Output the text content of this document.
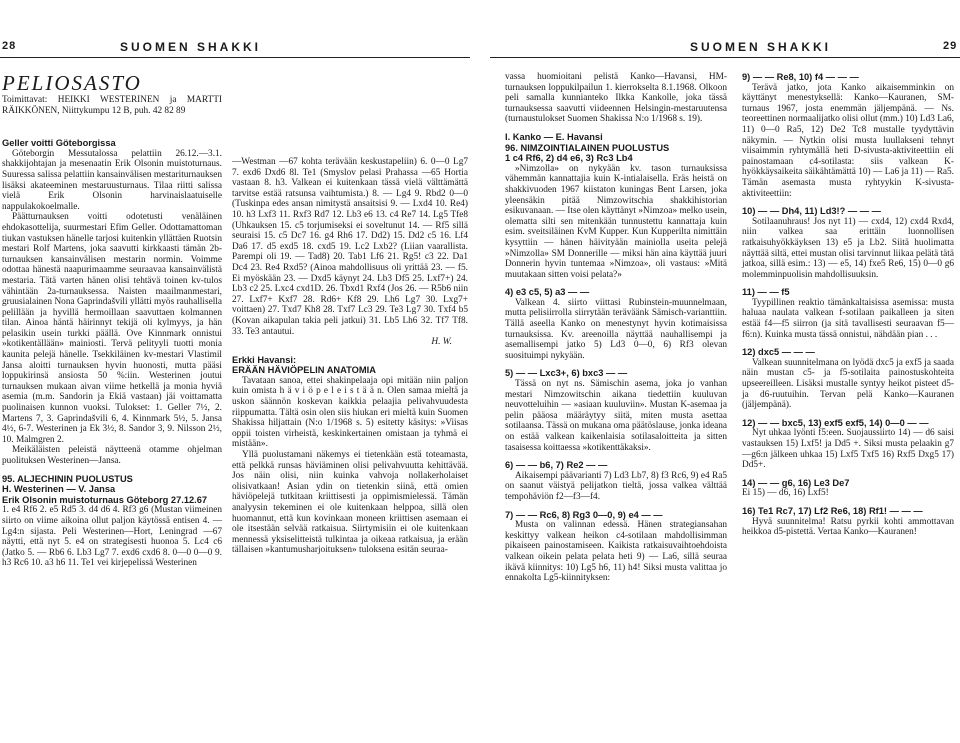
28	SUOMEN SHAKKI
PELIOSASTO
Toimittavat: HEIKKI WESTERINEN ja MARTTI RÄIKKÖNEN, Niittykumpu 12 B, puh. 42 82 89

Geller voitti Göteborgissa

Göteborgin Messutalossa pelattiin 26.12.—3.1. shakkijohtajan ja mesenaatin Erik Olsonin muistoturnaus. Suuressa salissa pelattiin kansainvälisen mestariturnauksen lisäksi akateeminen mestaruusturnaus. Tilaa riitti salissa vielä Erik Olsonin harvinaislaatuiselle nappulakokoelmalle.

Päätturnauksen voitti odotetusti venäläinen ehdokasottelija, suurmestari Efim Geller. Odottamattoman tiukan vastuksen hänelle tarjosi kuitenkin yllättäen Ruotsin mestari Rolf Martens, joka saavutti kirkkaasti tämän 2b-turnauksen kansainvälisen mestarin normin. Voimme odottaa hänestä naapurimaamme seuraavaa kansainvälistä mestaria. Tätä varten hänen olisi tehtävä toinen kv-tulos vähintään 2a-turnauksessa. Naisten maailmanmestari, gruusialainen Nona Gaprindašvili yllätti myös rauhallisella pelillään ja hyvillä hermoillaan saavuttaen kolmannen tilan. Ainoa häntä häirinnyt tekijä oli kylmyys, ja hän pelasikin usein turkki päällä. Ove Kinnmark onnistui »kotikentällään» mainiosti. Tervä pelityyli tuotti monia kaunita pelejä hänelle. Tsekkiläinen kv-mestari Vlastimil Jansa aloitti turnauksen hyvin huonosti, mutta pääsi loppukirinsä ansiosta 50 %:iin. Westerinen joutui turnauksen mukaan aivan viime hetkellä ja monia hyviä asemia (m.m. Sandorin ja Ekiä vastaan) jäi voittamatta puolinaisen kunnon vuoksi. Tulokset: 1. Geller 7½, 2. Martens 7, 3. Gaprindašvili 6, 4. Kinnmark 5½, 5. Jansa 4½, 6-7. Westerinen ja Ek 3½, 8. Sandor 3, 9. Nilsson 2½, 10. Malmgren 2.

Meikäläisten peleistä näytteenä otamme ohjelman puolituksen Westerinen—Jansa.

95. ALJECHININ PUOLUSTUS

H. Westerinen — V. Jansa

Erik Olsonin muistoturnaus Göteborg 27.12.67

1. e4 Rf6 2. e5 Rd5 3. d4 d6 4. Rf3 g6 (Mustan viimeinen siirto on viime aikoina ollut paljon käytössä entisen 4. — Lg4:n sijasta. Peli Westerinen—Hort, Leningrad —67 näytti, että nyt 5. e4 on strategisesti huonoa 5. Lc4 c6 (Jatko 5. — Rb6 6. Lb3 Lg7 7. exd6 cxd6 8. 0—0 0—0 9. h3 Rc6 10. a3 h6 11. Te1 vei kirjepelissä Westerinen

—Westman —67 kohta terävään keskustapeliin) 6. 0—0 Lg7 7. exd6 Dxd6 8l. Te1 (Smyslov pelasi Prahassa —65 Hortia vastaan 8. h3. Valkean ei kuitenkaan tässä vielä välttämättä tarvitse estää ratsunsa vaihtumista.) 8. — Lg4 9. Rbd2 0—0 (Tuskinpa edes ansan nimitystä ansaitsisi 9. — Lxd4 10. Re4) 10. h3 Lxf3 11. Rxf3 Rd7 12. Lb3 e6 13. c4 Re7 14. Lg5 Tfe8 (Uhkauksen 15. c5 torjumiseksi ei soveltunut 14. — Rf5 sillä seuraisi 15. c5 Dc7 16. g4 Rh6 17. Dd2) 15. Dd2 c5 16. Lf4 Da6 17. d5 exd5 18. cxd5 19. Lc2 Lxb2? (Liian vaarallista. Parempi oli 19. — Tad8) 20. Tab1 Lf6 21. Rg5! c3 22. Da1 Dc4 23. Re4 Rxd5? (Ainoa mahdollisuus oli yrittää 23. — f5. Ei myöskään 23. — Dxd5 käynyt 24. Lb3 Df5 25. Lxf7+) 24. Lb3 c2 25. Lxc4 cxd1D. 26. Tbxd1 Rxf4 (Jos 26. — R5b6 niin 27. Lxf7+ Kxf7 28. Rd6+ Kf8 29. Lh6 Lg7 30. Lxg7+ voittaen) 27. Txd7 Kh8 28. Txf7 Lc3 29. Te3 Lg7 30. Txf4 b5 (Kovan aikapulan takia peli jatkui) 31. Lb5 Lh6 32. Tf7 Tf8. 33. Te3 antautui.

H. W.

Erkki Havansi:

ERÄÄN HÄVIÖPELIN ANATOMIA

Tavataan sanoa, ettei shakinpelaaja opi mitään niin paljon kuin omista h ä v i ö p e l e i s t ä ä n. Olen samaa mieltä ja uskon säännön koskevan kaikkia pelaajia pelivahvuudesta riippumatta. Tältä osin olen siis hiukan eri mieltä kuin Suomen Shakissa hiljattain (N:o 1/1968 s. 5) esitetty käsitys: »Viisas oppii toisten virheistä, keskinkertainen omistaan ja tyhmä ei mistään».

Yllä puolustamani näkemys ei tietenkään estä toteamasta, että pelkkä runsas häviäminen olisi pelivahvuutta kehittävää. Jos näin olisi, niin kuinka vahvoja nollakerholaiset olisivatkaan! Asian ydin on tietenkin siinä, että omien häviöpelejä tutkitaan kriittisesti ja oppimismielessä. Tämän analyysin tekeminen ei ole kuitenkaan helppoa, sillä olen huomannut, että kun kovinkaan moneen kriittisen asemaan ei ole itsestään selvää ratkaisua. Siirtymisiin ei ole kuitenkaan mennessä yksiselitteistä tulkintaa ja oikeaa ratkaisua, ja erään tällaisen »kantumusharjoituksen» tuloksena esitän seuraa-

SUOMEN SHAKKI	29

vassa huomioitani pelistä Kanko—Havansi, HM-turnauksen loppukilpailun 1. kierrokselta 8.1.1968. Olkoon peli samalla kunnianteko Ilkka Kankolle, joka tässä turnauksessa saavutti viideennen Helsingin-mestaruutensa (turnaustulokset Suomen Shakissa N:o 1/1968 s. 19).

I. Kanko — E. Havansi

96. NIMZOINTIALAINEN PUOLUSTUS

1 c4 Rf6, 2) d4 e6, 3) Rc3 Lb4

»Nimzolla» on nykyään kv. tason turnauksissa vähemmän kannattajia kuin K-intialaisella. Eräs heistä on shakkivuoden 1967 kiistaton kuningas Bent Larsen, joka yleensäkin pitää Nimzowitschia shakkihistorian esikuvanaan. — Itse olen käyttänyt »Nimzoa» melko usein, olematta silti sen mitenkään tunnustettu kannattaja kuin esim. sveitsiläinen KvM Kupper. Kun Kupperilta nimittäin kysyttiin — hänen häivityään mainiolla useita pelejä »Nimzolla» SM Donnerille — miksi hän aina käyttää juuri Donnerin hyvin tuntemaa »Nimzoa», oli vastaus: »Mitä muutakaan sitten voisi pelata?»

4) e3 c5, 5) a3 — —

Valkean 4. siirto viittasi Rubinstein-muunnelmaan, mutta pelisiirrolla siirrytään teräväänk Sämisch-varianttiin. Tällä aseella Kanko on menestynyt hyvin kotimaisissa turnauksissa. Kv. areenoilla näyttää nauhallisempi ja asemallisempi jatko 5) Ld3 0—0, 6) Rf3 olevan suosituimpi nykyään.

5) — — Lxc3+, 6) bxc3 — —

Tässä on nyt ns. Sämischin asema, joka jo vanhan mestari Nimzowitschin aikana tiedettiin kuuluvan neuvotteluihin — »asiaan kuuluviin». Mustan K-asemaa ja pelin pääosa määräytyy siitä, miten musta asettaa sotilaansa. Tässä on mukana oma päätöslause, jonka ideana on estää valkean kaikenlaisia sotilasaloitteita ja sitten tasaisessa koittaessa »kotikenttäkaksi».

6) — — b6, 7) Re2 — —

Aikaisempi päävarianti 7) Ld3 Lb7, 8) f3 Rc6, 9) e4 Ra5 on saanut väistyä pelijatkon tieltä, jossa valkea välttää tempohäviön f2—f3—f4.

7) — — Rc6, 8) Rg3 0—0, 9) e4 — —

Musta on valinnan edessä. Hänen strategiansahan keskittyy valkean heikon c4-sotilaan mahdollisimman pikaiseen painostamiseen. Kaikista ratkaisuvaihtoehdoista valkean oikein pelata pelata heti 9) — La6, sillä seuraa ikävä kiinnitys: 10) Lg5 h6, 11) h4! Siksi musta valittaa jo ennakolta Lg5-kiinnityksen:

9) — — Re8, 10) f4 — — —

Terävä jatko, jota Kanko aikaisemminkin on käyttänyt menestyksellä: Kanko—Kauranen, SM-turnaus 1967, josta enemmän jäljempänä. — Ns. teoreettinen normaalijatko olisi ollut (mm.) 10) Ld3 La6, 11) 0—0 Ra5, 12) De2 Tc8 mustalle tyydyttävin näkymin. — Nytkin olisi musta luullakseni tehnyt viisaimmin ryhtymällä heti D-sivusta-aktiviteettiin eli painostamaan c4-sotilasta: siis valkean K-hyökkäysaikeita säikähtämättä 10) — La6 ja 11) — Ra5. Tämän asemasta musta ryhtyykin K-sivusta-aktiviteettiin:

10) — — Dh4, 11) Ld3!? — — —

Sotilaanuhraus! Jos nyt 11) — cxd4, 12) cxd4 Rxd4, niin valkea saa erittäin luonnollisen ratkaisuhyökkäyksen 13) e5 ja Lb2. Siitä huolimatta näyttää siltä, ettei mustan olisi tarvinnut liikaa pelätä tätä jatkoa, sillä esim.: 13) — e5, 14) fxe5 Re6, 15) 0—0 g6 molemminpuolisin mahdollisuuksin.

11) — — f5

Tyypillinen reaktio tämänkaltaisissa asemissa: musta haluaa naulata valkean f-sotilaan paikalleen ja siten estää f4—f5 siirron (ja sitä tavallisesti seuraavan f5—f6:n). Kuinka musta tässä onnistui, nähdään pian . . .

12) dxc5 — — —

Valkean suunnitelmana on lyödä dxc5 ja exf5 ja saada näin mustan c5- ja f5-sotilaita painostuskohteita upseereilleen. Lisäksi mustalle syntyy heikot pisteet d5- ja d6-ruutuihin. Tervan pelä Kanko—Kauranen (jäljempänä).

12) — — bxc5, 13) exf5 exf5, 14) 0—0 — —

Nyt uhkaa lyönti f5:een. Suojaussiirto 14) — d6 saisi vastauksen 15) Lxf5! ja Dd5 +. Siksi musta pelaakin g7—g6:n jälkeen uhkaa 15) Lxf5 Txf5 16) Rxf5 Dxg5 17) Dd5+.

14) — — g6, 16) Le3 De7

Ei 15) — d6, 16) Lxf5!

16) Te1 Rc7, 17) Lf2 Re6, 18) Rf1! — — —

Hyvä suunnitelma! Ratsu pyrkii kohti ammottavan heikkoa d5-pistettä. Vertaa Kanko—Kauranen!
